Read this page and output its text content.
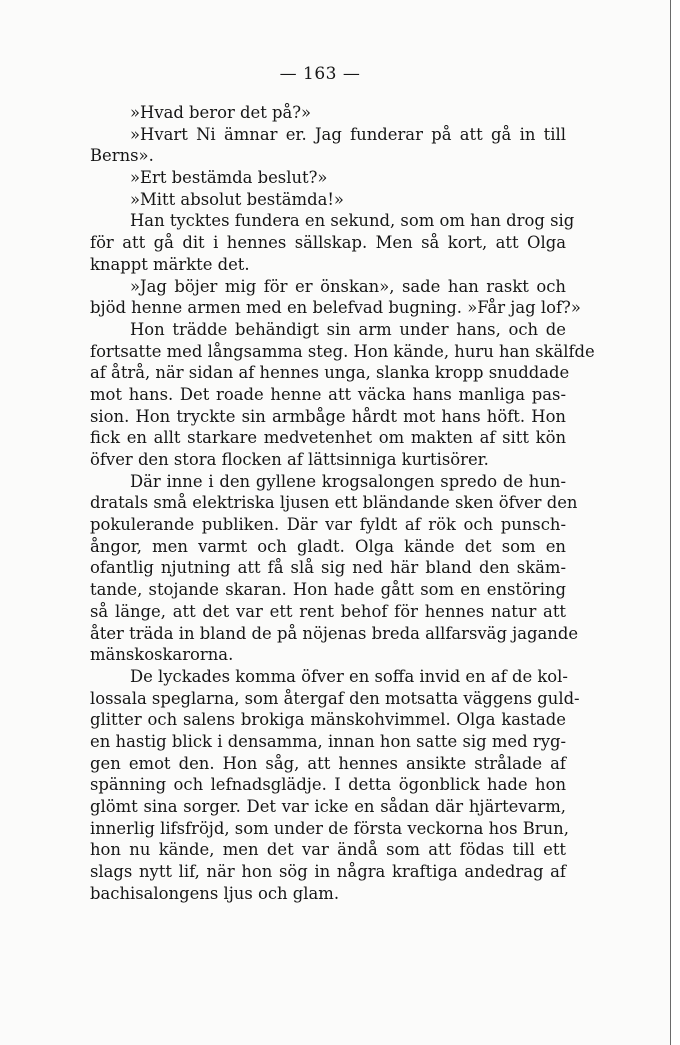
— 163 —
»Hvad beror det på?»
»Hvart Ni ämnar er. Jag funderar på att gå in till
Berns».
»Ert bestämda beslut?»
»Mitt absolut bestämda!»
Han tycktes fundera en sekund, som om han drog sig
för att gå dit i hennes sällskap. Men så kort, att Olga
knappt märkte det.
»Jag böjer mig för er önskan», sade han raskt och
bjöd henne armen med en belefvad bugning. »Får jag lof?»
Hon trädde behändigt sin arm under hans, och de
fortsatte med långsamma steg. Hon kände, huru han skälfde
af åtrå, när sidan af hennes unga, slanka kropp snuddade
mot hans. Det roade henne att väcka hans manliga pas-
sion. Hon tryckte sin armbåge hårdt mot hans höft. Hon
fick en allt starkare medvetenhet om makten af sitt kön
öfver den stora flocken af lättsinniga kurtisörer.
Där inne i den gyllene krogsalongen spredo de hun-
dratals små elektriska ljusen ett bländande sken öfver den
pokulerande publiken. Där var fyldt af rök och punsch-
ångor, men varmt och gladt. Olga kände det som en
ofantlig njutning att få slå sig ned här bland den skäm-
tande, stojande skaran. Hon hade gått som en enstöring
så länge, att det var ett rent behof för hennes natur att
åter träda in bland de på nöjenas breda allfarsväg jagande
mänskoskarorna.
De lyckades komma öfver en soffa invid en af de kol-
lossala speglarna, som återgaf den motsatta väggens guld-
glitter och salens brokiga mänskohvimmel. Olga kastade
en hastig blick i densamma, innan hon satte sig med ryg-
gen emot den. Hon såg, att hennes ansikte strålade af
spänning och lefnadsglädje. I detta ögonblick hade hon
glömt sina sorger. Det var icke en sådan där hjärtevarm,
innerlig lifsfröjd, som under de första veckorna hos Brun,
hon nu kände, men det var ändå som att födas till ett
slags nytt lif, när hon sög in några kraftiga andedrag af
bachisalongens ljus och glam.
